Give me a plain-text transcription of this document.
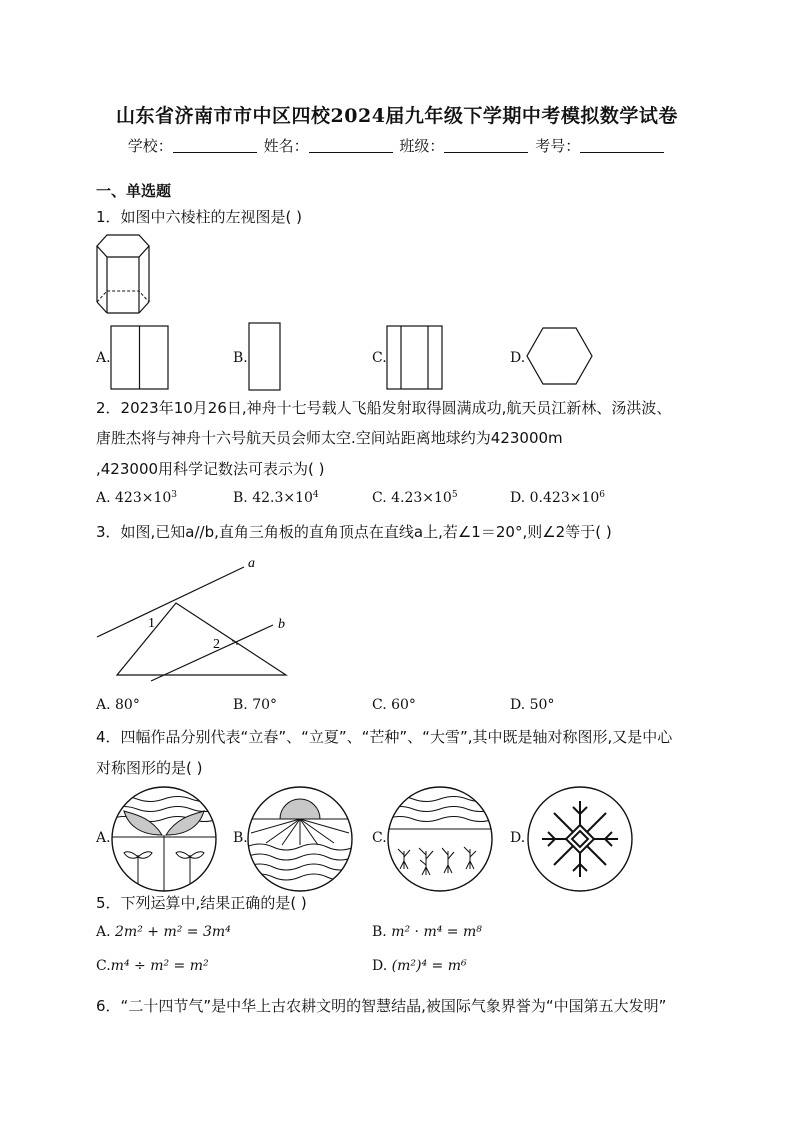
山东省济南市市中区四校2024届九年级下学期中考模拟数学试卷
学校：	姓名：	班级：	考号：
一、单选题
1．如图中六棱柱的左视图是( )
A.	B.	C.	D.
2．2023年10月26日,神舟十七号载人飞船发射取得圆满成功,航天员江新林、汤洪波、
唐胜杰将与神舟十六号航天员会师太空.空间站距离地球约为423000m
,423000用科学记数法可表示为( )
A. $423\times 10^3$	B. $42.3\times 10^4$	C. $4.23\times 10^5$	D. $0.423\times 10^6$
3．如图,已知a//b,直角三角板的直角顶点在直线a上,若∠1＝20°,则∠2等于( )
a
b
1
2
A. 80°	B. 70°	C. 60°	D. 50°
4．四幅作品分别代表“立春”、“立夏”、“芒种”、“大雪”,其中既是轴对称图形,又是中心
对称图形的是( )
A.	B.	C.	D.
5．下列运算中,结果正确的是( )
A. 2m² + m² = 3m⁴	B. m² · m⁴ = m⁸
C.m⁴ ÷ m² = m²	D. (m²)⁴ = m⁶
6．“二十四节气”是中华上古农耕文明的智慧结晶,被国际气象界誉为“中国第五大发明”
